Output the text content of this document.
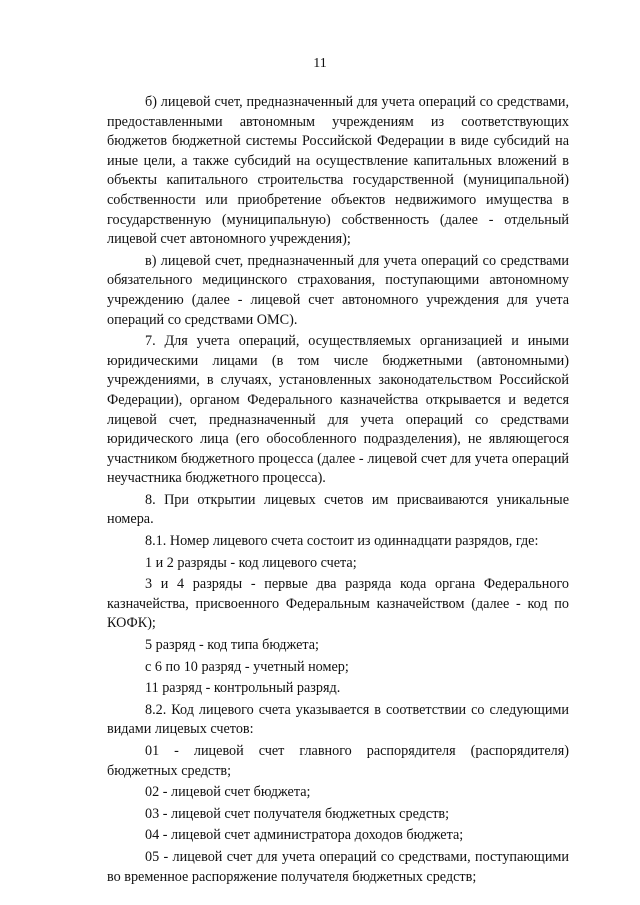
11

б) лицевой счет, предназначенный для учета операций со средствами, предоставленными автономным учреждениям из соответствующих бюджетов бюджетной системы Российской Федерации в виде субсидий на иные цели, а также субсидий на осуществление капитальных вложений в объекты капитального строительства государственной (муниципальной) собственности или приобретение объектов недвижимого имущества в государственную (муниципальную) собственность (далее - отдельный лицевой счет автономного учреждения);

в) лицевой счет, предназначенный для учета операций со средствами обязательного медицинского страхования, поступающими автономному учреждению (далее - лицевой счет автономного учреждения для учета операций со средствами ОМС).

7. Для учета операций, осуществляемых организацией и иными юридическими лицами (в том числе бюджетными (автономными) учреждениями, в случаях, установленных законодательством Российской Федерации), органом Федерального казначейства открывается и ведется лицевой счет, предназначенный для учета операций со средствами юридического лица (его обособленного подразделения), не являющегося участником бюджетного процесса (далее - лицевой счет для учета операций неучастника бюджетного процесса).

8. При открытии лицевых счетов им присваиваются уникальные номера.

8.1. Номер лицевого счета состоит из одиннадцати разрядов, где:

1 и 2 разряды - код лицевого счета;

3 и 4 разряды - первые два разряда кода органа Федерального казначейства, присвоенного Федеральным казначейством (далее - код по КОФК);

5 разряд - код типа бюджета;

с 6 по 10 разряд - учетный номер;

11 разряд - контрольный разряд.

8.2. Код лицевого счета указывается в соответствии со следующими видами лицевых счетов:

01 - лицевой счет главного распорядителя (распорядителя) бюджетных средств;

02 - лицевой счет бюджета;

03 - лицевой счет получателя бюджетных средств;

04 - лицевой счет администратора доходов бюджета;

05 - лицевой счет для учета операций со средствами, поступающими во временное распоряжение получателя бюджетных средств;
